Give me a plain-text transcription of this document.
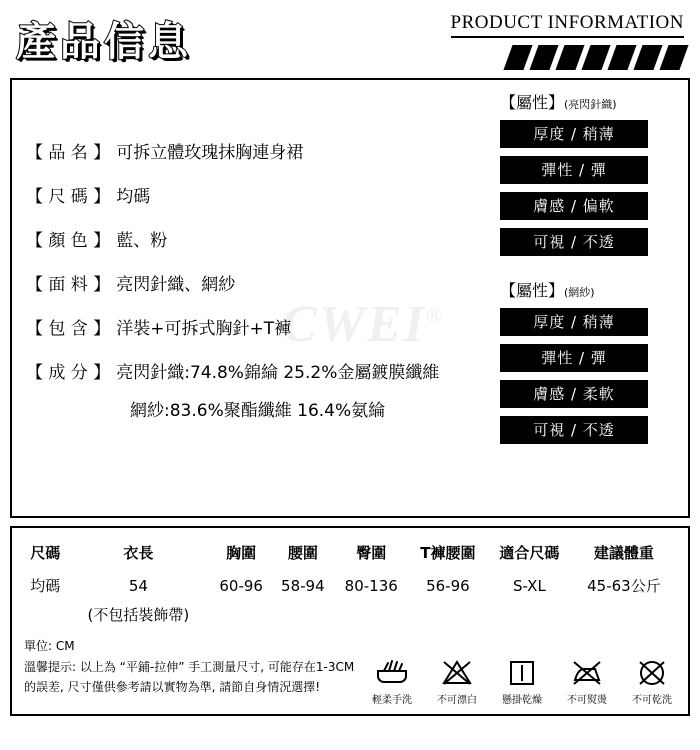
產品信息	PRODUCT INFORMATION
CWEI®
【 品 名 】 可拆立體玫瑰抹胸連身裙
【 尺 碼 】 均碼
【 顏 色 】 藍、粉
【 面 料 】 亮閃針織、網紗
【 包 含 】 洋裝+可拆式胸針+T褲
【 成 分 】 亮閃針織:74.8%錦綸 25.2%金屬鍍膜纖維
網紗:83.6%聚酯纖維 16.4%氨綸
【屬性】(亮閃針織)
厚度 / 稍薄
彈性 / 彈
膚感 / 偏軟
可視 / 不透
【屬性】(網紗)
厚度 / 稍薄
彈性 / 彈
膚感 / 柔軟
可視 / 不透
尺碼	衣長	胸圍	腰圍	臀圍	T褲腰圍	適合尺碼	建議體重
均碼	54	60-96	58-94	80-136	56-96	S-XL	45-63公斤
	(不包括裝飾帶)						
單位: CM
溫馨提示: 以上為 “平鋪-拉伸” 手工測量尺寸, 可能存在1-3CM
的誤差, 尺寸僅供參考請以實物為準, 請節自身情況選擇!
輕柔手洗	不可漂白	懸掛乾燥	不可熨燙	不可乾洗
